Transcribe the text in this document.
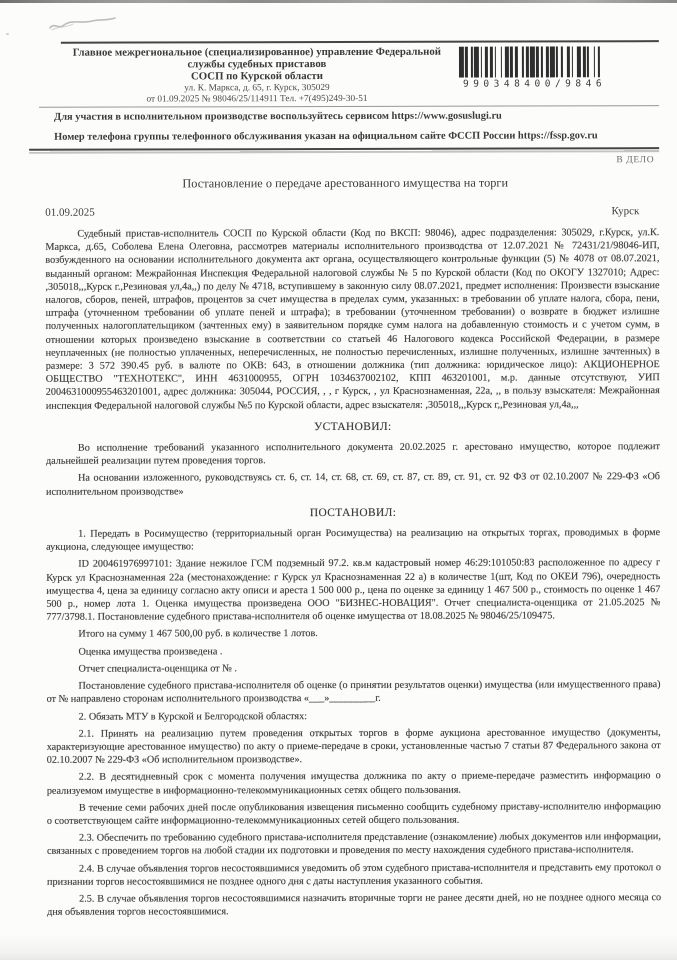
Главное межрегиональное (специализированное) управление Федеральной
службы судебных приставов
СОСП по Курской области
ул. К. Маркса, д. 65, г. Курск, 305029
от 01.09.2025 № 98046/25/114911 Тел. +7(495)249-30-51
990348400/9846
Для участия в исполнительном производстве воспользуйтесь сервисом https://www.gosuslugi.ru
Номер телефона группы телефонного обслуживания указан на официальном сайте ФССП России https://fssp.gov.ru
В ДЕЛО
Постановление о передаче арестованного имущества на торги
01.09.2025	Курск

Судебный пристав-исполнитель СОСП по Курской области (Код по ВКСП: 98046), адрес подразделения: 305029, г.Курск, ул.К. Маркса, д.65, Соболева Елена Олеговна, рассмотрев материалы исполнительного производства от 12.07.2021 № 72431/21/98046-ИП, возбужденного на основании исполнительного документа акт органа, осуществляющего контрольные функции (5) № 4078 от 08.07.2021, выданный органом: Межрайонная Инспекция Федеральной налоговой службы № 5 по Курской области (Код по ОКОГУ 1327010; Адрес: ,305018,,,Курск г.,Резиновая ул,4а,,) по делу № 4718, вступившему в законную силу 08.07.2021, предмет исполнения: Произвести взыскание налогов, сборов, пеней, штрафов, процентов за счет имущества в пределах сумм, указанных: в требовании об уплате налога, сбора, пени, штрафа (уточненном требовании об уплате пеней и штрафа); в требовании (уточненном требовании) о возврате в бюджет излишне полученных налогоплательщиком (зачтенных ему) в заявительном порядке сумм налога на добавленную стоимость и с учетом сумм, в отношении которых произведено взыскание в соответствии со статьей 46 Налогового кодекса Российской Федерации, в размере неуплаченных (не полностью уплаченных, неперечисленных, не полностью перечисленных, излишне полученных, излишне зачтенных) в размере: 3 572 390.45 руб. в валюте по ОКВ: 643, в отношении должника (тип должника: юридическое лицо): АКЦИОНЕРНОЕ ОБЩЕСТВО "ТЕХНОТЕКС", ИНН 4631000955, ОГРН 1034637002102, КПП 463201001, м.р. данные отсутствуют, УИП 2004631000955463201001, адрес должника: 305044, РОССИЯ, , , г Курск, , ул Краснознаменная, 22а, ,, в пользу взыскателя: Межрайонная инспекция Федеральной налоговой службы №5 по Курской области, адрес взыскателя: ,305018,,,Курск г,,Резиновая ул,4а,,,

УСТАНОВИЛ:

Во исполнение требований указанного исполнительного документа 20.02.2025 г. арестовано имущество, которое подлежит дальнейшей реализации путем проведения торгов.

На основании изложенного, руководствуясь ст. 6, ст. 14, ст. 68, ст. 69, ст. 87, ст. 89, ст. 91, ст. 92 ФЗ от 02.10.2007 № 229-ФЗ «Об исполнительном производстве»

ПОСТАНОВИЛ:

1. Передать в Росимущество (территориальный орган Росимущества) на реализацию на открытых торгах, проводимых в форме аукциона, следующее имущество:

ID 200461976997101: Здание нежилое ГСМ подземный 97.2. кв.м кадастровый номер 46:29:101050:83 расположенное по адресу г Курск ул Краснознаменная 22а (местонахождение: г Курск ул Краснознаменная 22 а) в количестве 1(шт, Код по ОКЕИ 796), очередность имущества 4, цена за единицу согласно акту описи и ареста 1 500 000 р., цена по оценке за единицу 1 467 500 р., стоимость по оценке 1 467 500 р., номер лота 1. Оценка имущества произведена ООО "БИЗНЕС-НОВАЦИЯ". Отчет специалиста-оценщика от 21.05.2025 № 777/3798.1. Постановление судебного пристава-исполнителя об оценке имущества от 18.08.2025 № 98046/25/109475.

Итого на сумму 1 467 500,00 руб. в количестве 1 лотов.

Оценка имущества произведена .

Отчет специалиста-оценщика от № .

Постановление судебного пристава-исполнителя об оценке (о принятии результатов оценки) имущества (или имущественного права) от № направлено сторонам исполнительного производства «___»_________г.

2. Обязать МТУ в Курской и Белгородской областях:

2.1. Принять на реализацию путем проведения открытых торгов в форме аукциона арестованное имущество (документы, характеризующие арестованное имущество) по акту о приеме-передаче в сроки, установленные частью 7 статьи 87 Федерального закона от 02.10.2007 № 229-ФЗ «Об исполнительном производстве».

2.2. В десятидневный срок с момента получения имущества должника по акту о приеме-передаче разместить информацию о реализуемом имуществе в информационно-телекоммуникационных сетях общего пользования.

В течение семи рабочих дней после опубликования извещения письменно сообщить судебному приставу-исполнителю информацию о соответствующем сайте информационно-телекоммуникационных сетей общего пользования.

2.3. Обеспечить по требованию судебного пристава-исполнителя представление (ознакомление) любых документов или информации, связанных с проведением торгов на любой стадии их подготовки и проведения по месту нахождения судебного пристава-исполнителя.

2.4. В случае объявления торгов несостоявшимися уведомить об этом судебного пристава-исполнителя и представить ему протокол о признании торгов несостоявшимися не позднее одного дня с даты наступления указанного события.

2.5. В случае объявления торгов несостоявшимися назначить вторичные торги не ранее десяти дней, но не позднее одного месяца со дня объявления торгов несостоявшимися.
